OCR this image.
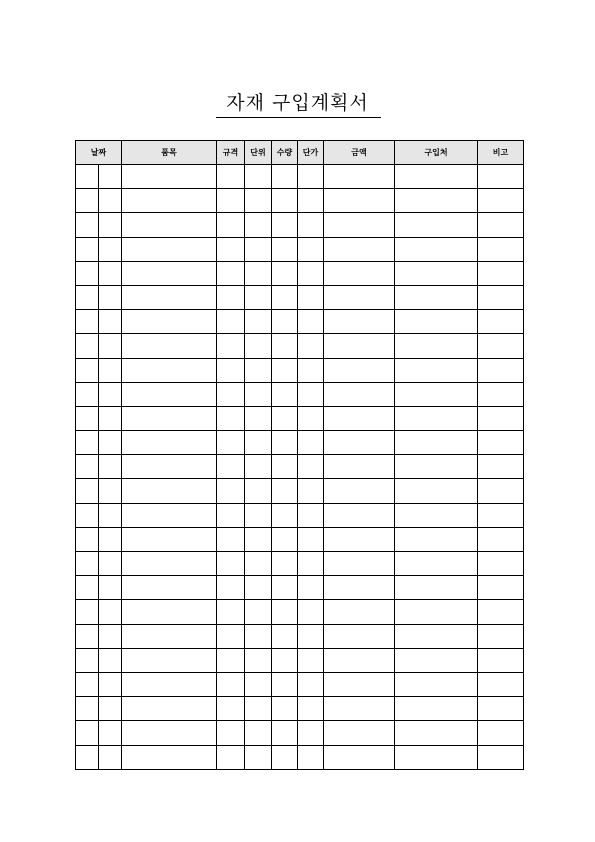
자재 구입계획서
날짜		품목	규격	단위	수량	단가	금액	구입처	비고
